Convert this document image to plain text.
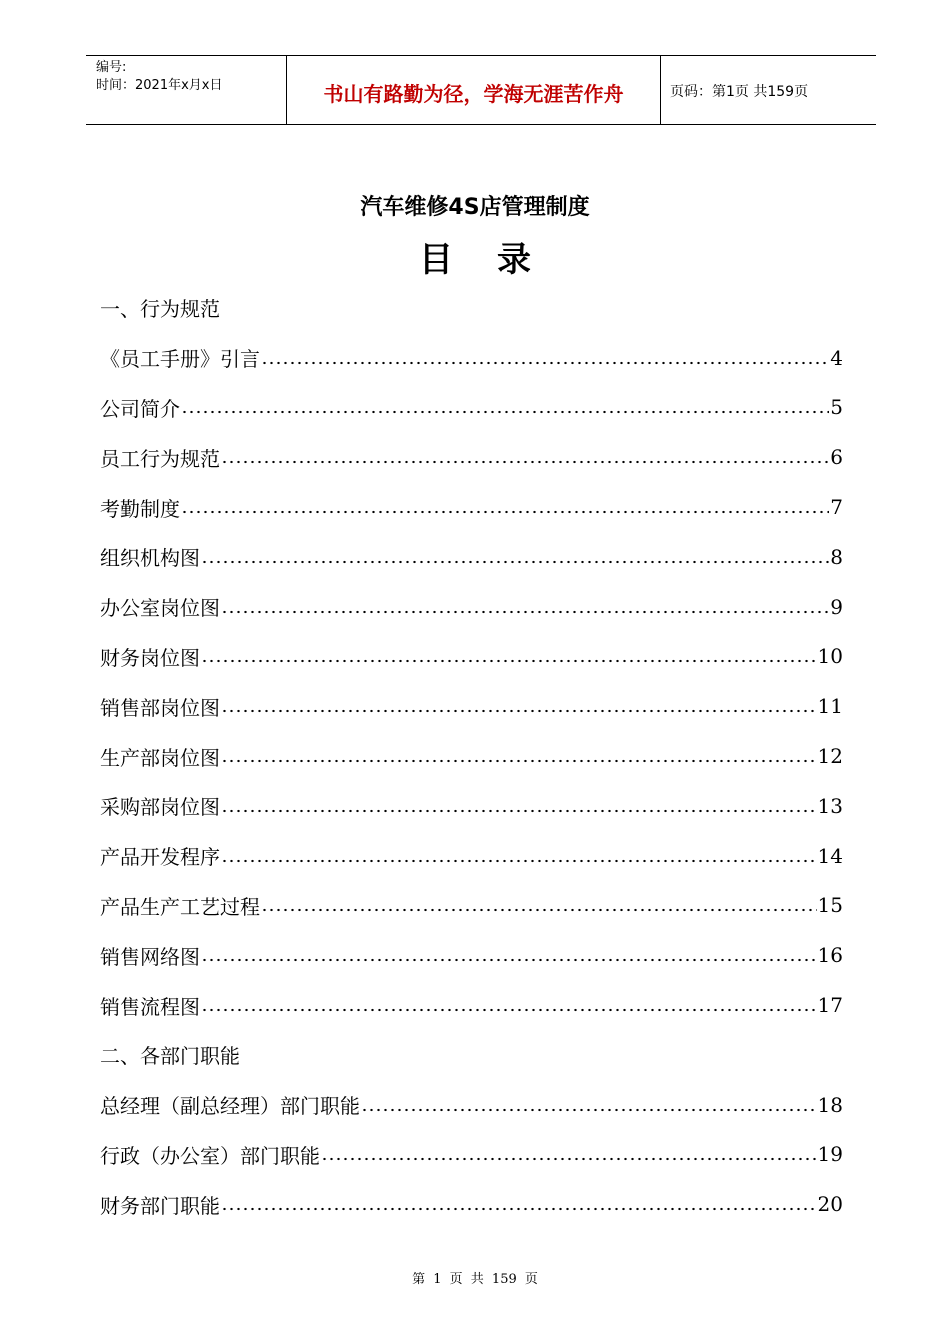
编号:
时间：2021年x月x日	书山有路勤为径，学海无涯苦作舟	页码：第1页 共159页
汽车维修4S店管理制度
目录
一、行为规范
《员工手册》引言	4
公司简介	5
员工行为规范	6
考勤制度	7
组织机构图	8
办公室岗位图	9
财务岗位图	10
销售部岗位图	11
生产部岗位图	12
采购部岗位图	13
产品开发程序	14
产品生产工艺过程	15
销售网络图	16
销售流程图	17
二、各部门职能
总经理（副总经理）部门职能	18
行政（办公室）部门职能	19
财务部门职能	20
第 1 页 共 159 页
